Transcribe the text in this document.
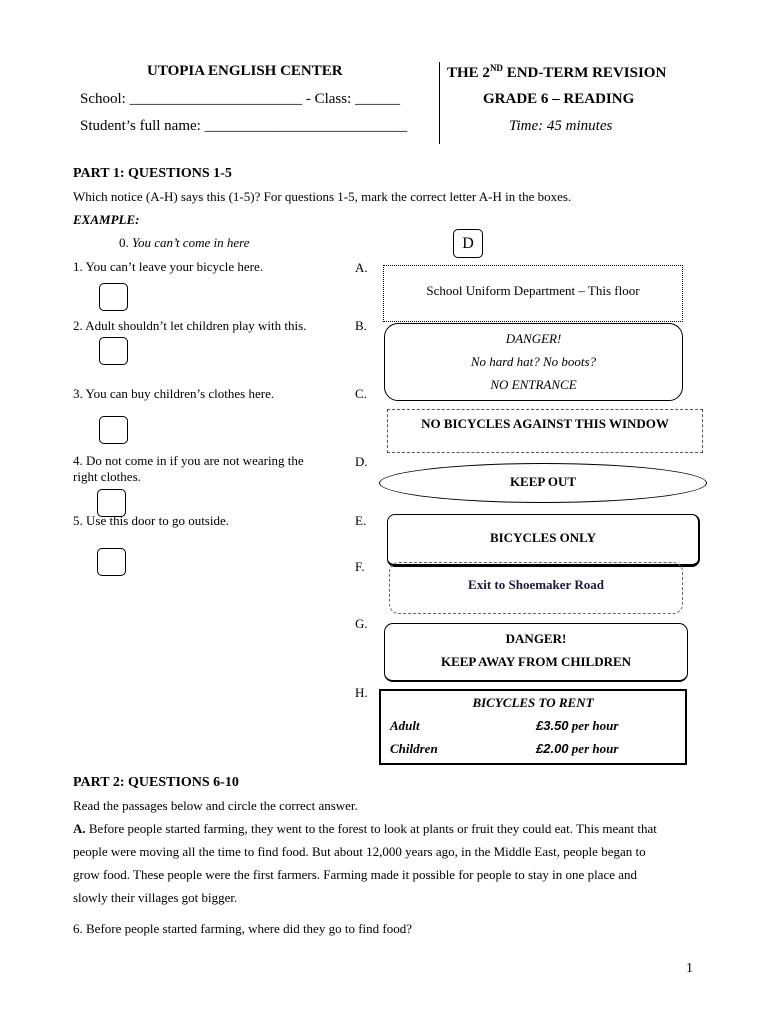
UTOPIA ENGLISH CENTER
School: _______________________ - Class: ______
Student’s full name: ___________________________
THE 2ND END-TERM REVISION
GRADE 6 – READING
Time: 45 minutes
PART 1: QUESTIONS 1-5
Which notice (A-H) says this (1-5)? For questions 1-5, mark the correct letter A-H in the boxes.
EXAMPLE:
0. You can’t come in here	D
1. You can’t leave your bicycle here.
2. Adult shouldn’t let children play with this.
3. You can buy children’s clothes here.
4. Do not come in if you are not wearing the
right clothes.
5. Use this door to go outside.
A.
B.
C.
D.
E.
F.
G.
H.
School Uniform Department – This floor
DANGER!
No hard hat? No boots?
NO ENTRANCE
NO BICYCLES AGAINST THIS WINDOW
KEEP OUT
BICYCLES ONLY
Exit to Shoemaker Road
DANGER!
KEEP AWAY FROM CHILDREN
BICYCLES TO RENT
Adult	£3.50 per hour
Children	£2.00 per hour
PART 2: QUESTIONS 6-10
Read the passages below and circle the correct answer.
A. Before people started farming, they went to the forest to look at plants or fruit they could eat. This meant that
people were moving all the time to find food. But about 12,000 years ago, in the Middle East, people began to
grow food. These people were the first farmers. Farming made it possible for people to stay in one place and
slowly their villages got bigger.
6. Before people started farming, where did they go to find food?
1
